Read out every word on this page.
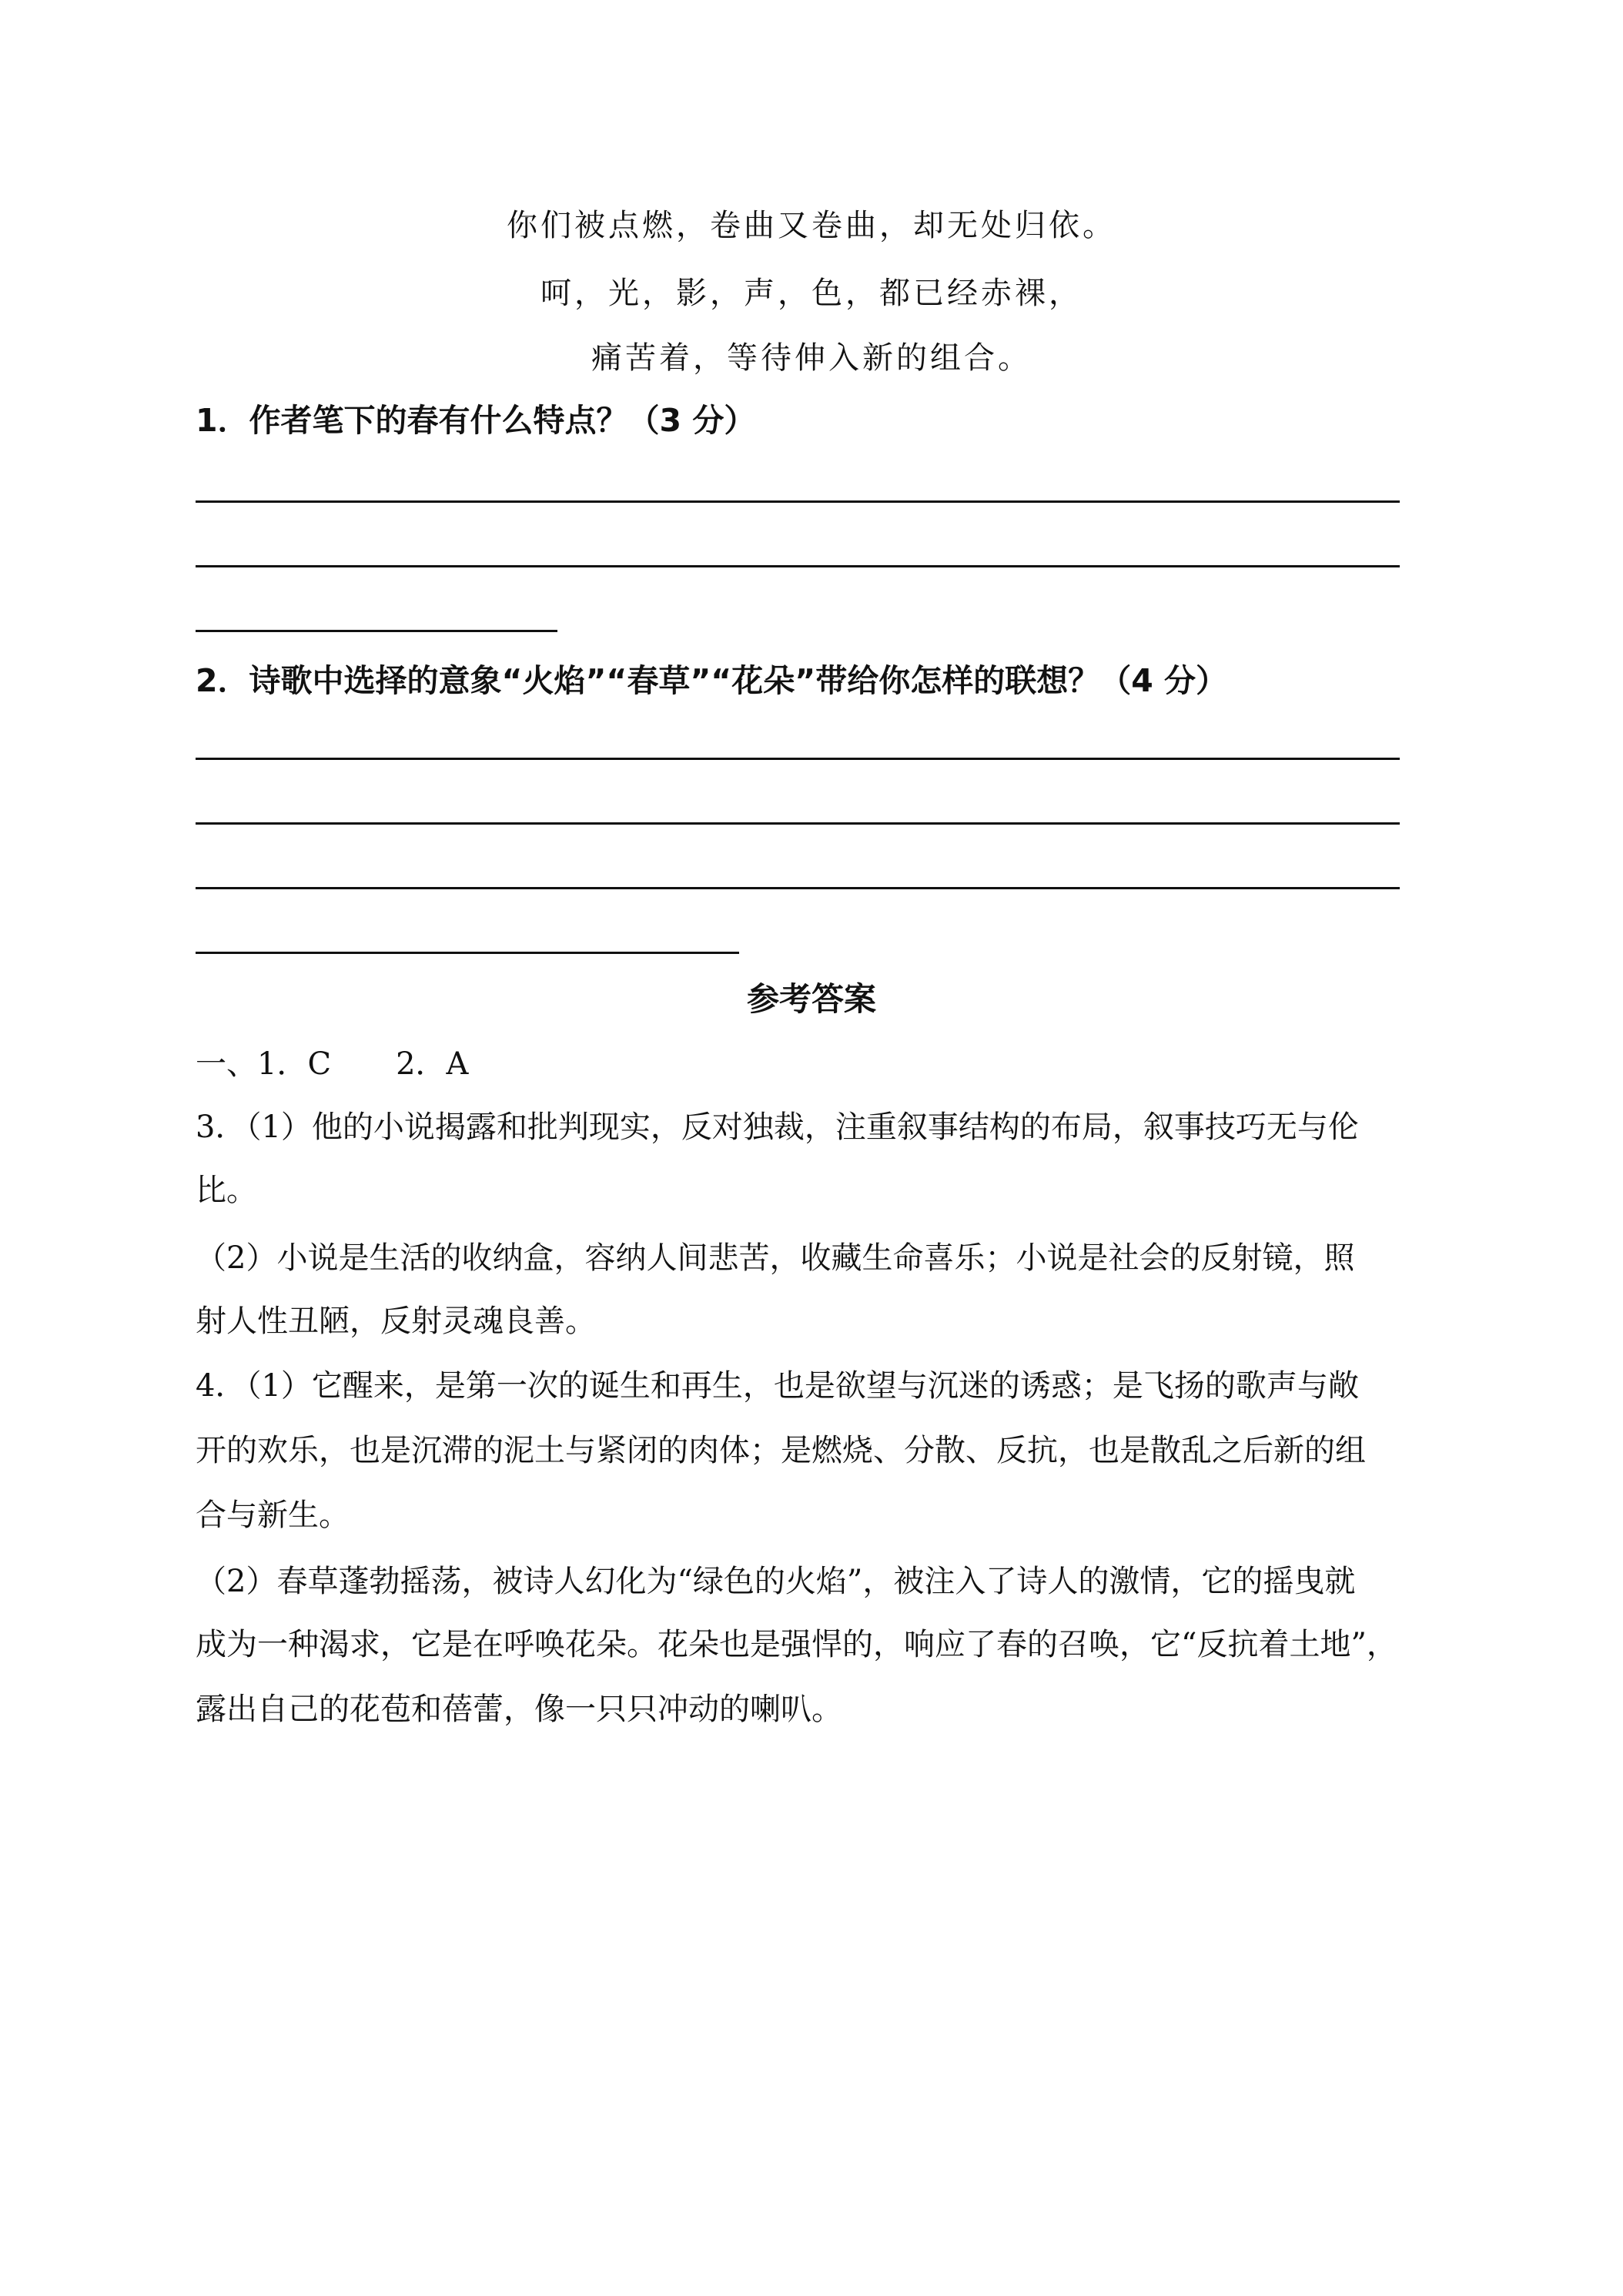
你们被点燃，卷曲又卷曲，却无处归依。
呵，光，影，声，色，都已经赤裸，
痛苦着，等待伸入新的组合。
1．作者笔下的春有什么特点？（3 分）
2．诗歌中选择的意象“火焰”“春草”“花朵”带给你怎样的联想？（4 分）
参考答案
一、1．C 2．A
3．（1）他的小说揭露和批判现实，反对独裁，注重叙事结构的布局，叙事技巧无与伦
比。
（2）小说是生活的收纳盒，容纳人间悲苦，收藏生命喜乐；小说是社会的反射镜，照
射人性丑陋，反射灵魂良善。
4．（1）它醒来，是第一次的诞生和再生，也是欲望与沉迷的诱惑；是飞扬的歌声与敞
开的欢乐，也是沉滞的泥土与紧闭的肉体；是燃烧、分散、反抗，也是散乱之后新的组
合与新生。
（2）春草蓬勃摇荡，被诗人幻化为“绿色的火焰”，被注入了诗人的激情，它的摇曳就
成为一种渴求，它是在呼唤花朵。花朵也是强悍的，响应了春的召唤，它“反抗着土地”，
露出自己的花苞和蓓蕾，像一只只冲动的喇叭。
